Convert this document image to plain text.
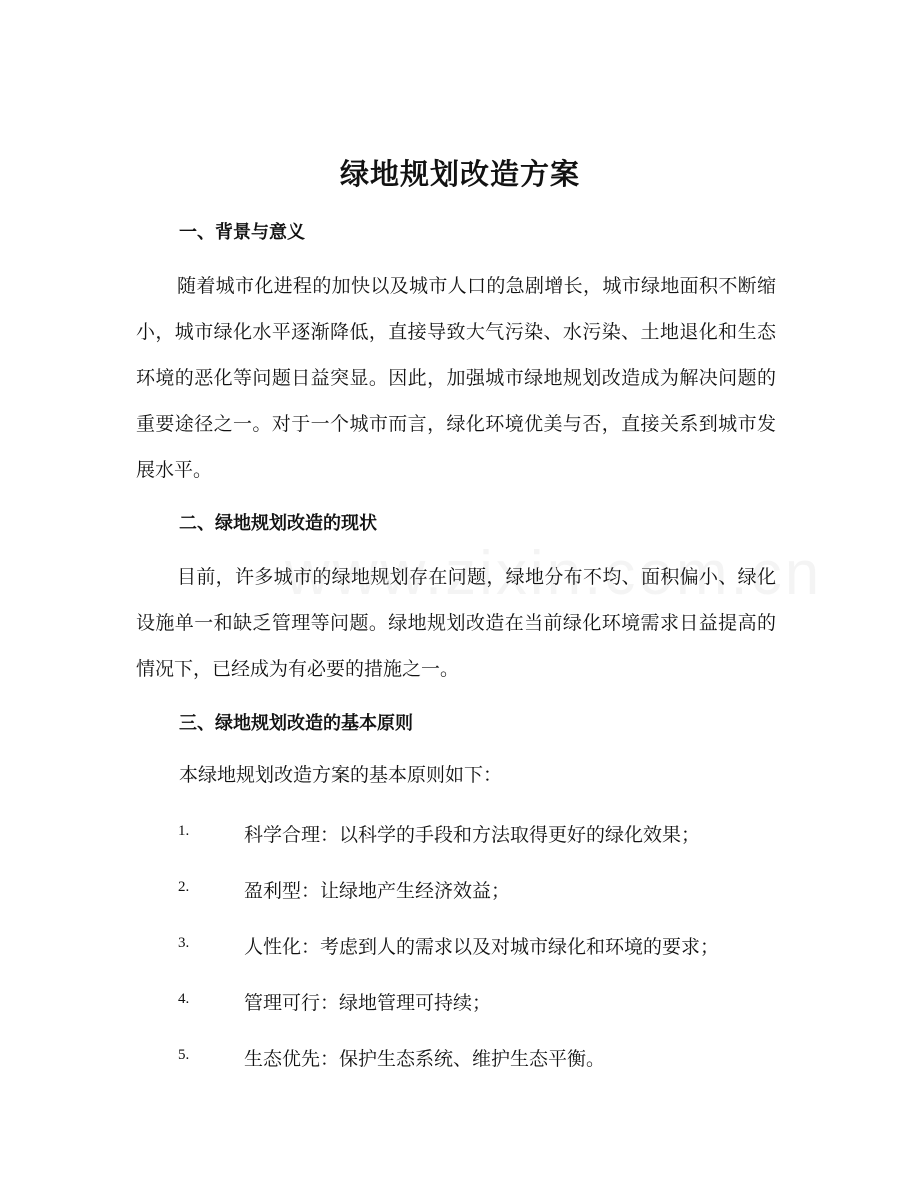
绿地规划改造方案
一、背景与意义

随着城市化进程的加快以及城市人口的急剧增长，城市绿地面积不断缩小，城市绿化水平逐渐降低，直接导致大气污染、水污染、土地退化和生态环境的恶化等问题日益突显。因此，加强城市绿地规划改造成为解决问题的重要途径之一。对于一个城市而言，绿化环境优美与否，直接关系到城市发展水平。

二、绿地规划改造的现状

目前，许多城市的绿地规划存在问题，绿地分布不均、面积偏小、绿化设施单一和缺乏管理等问题。绿地规划改造在当前绿化环境需求日益提高的情况下，已经成为有必要的措施之一。

三、绿地规划改造的基本原则

本绿地规划改造方案的基本原则如下：

1.	科学合理：以科学的手段和方法取得更好的绿化效果；
2.	盈利型：让绿地产生经济效益；
3.	人性化：考虑到人的需求以及对城市绿化和环境的要求；
4.	管理可行：绿地管理可持续；
5.	生态优先：保护生态系统、维护生态平衡。
